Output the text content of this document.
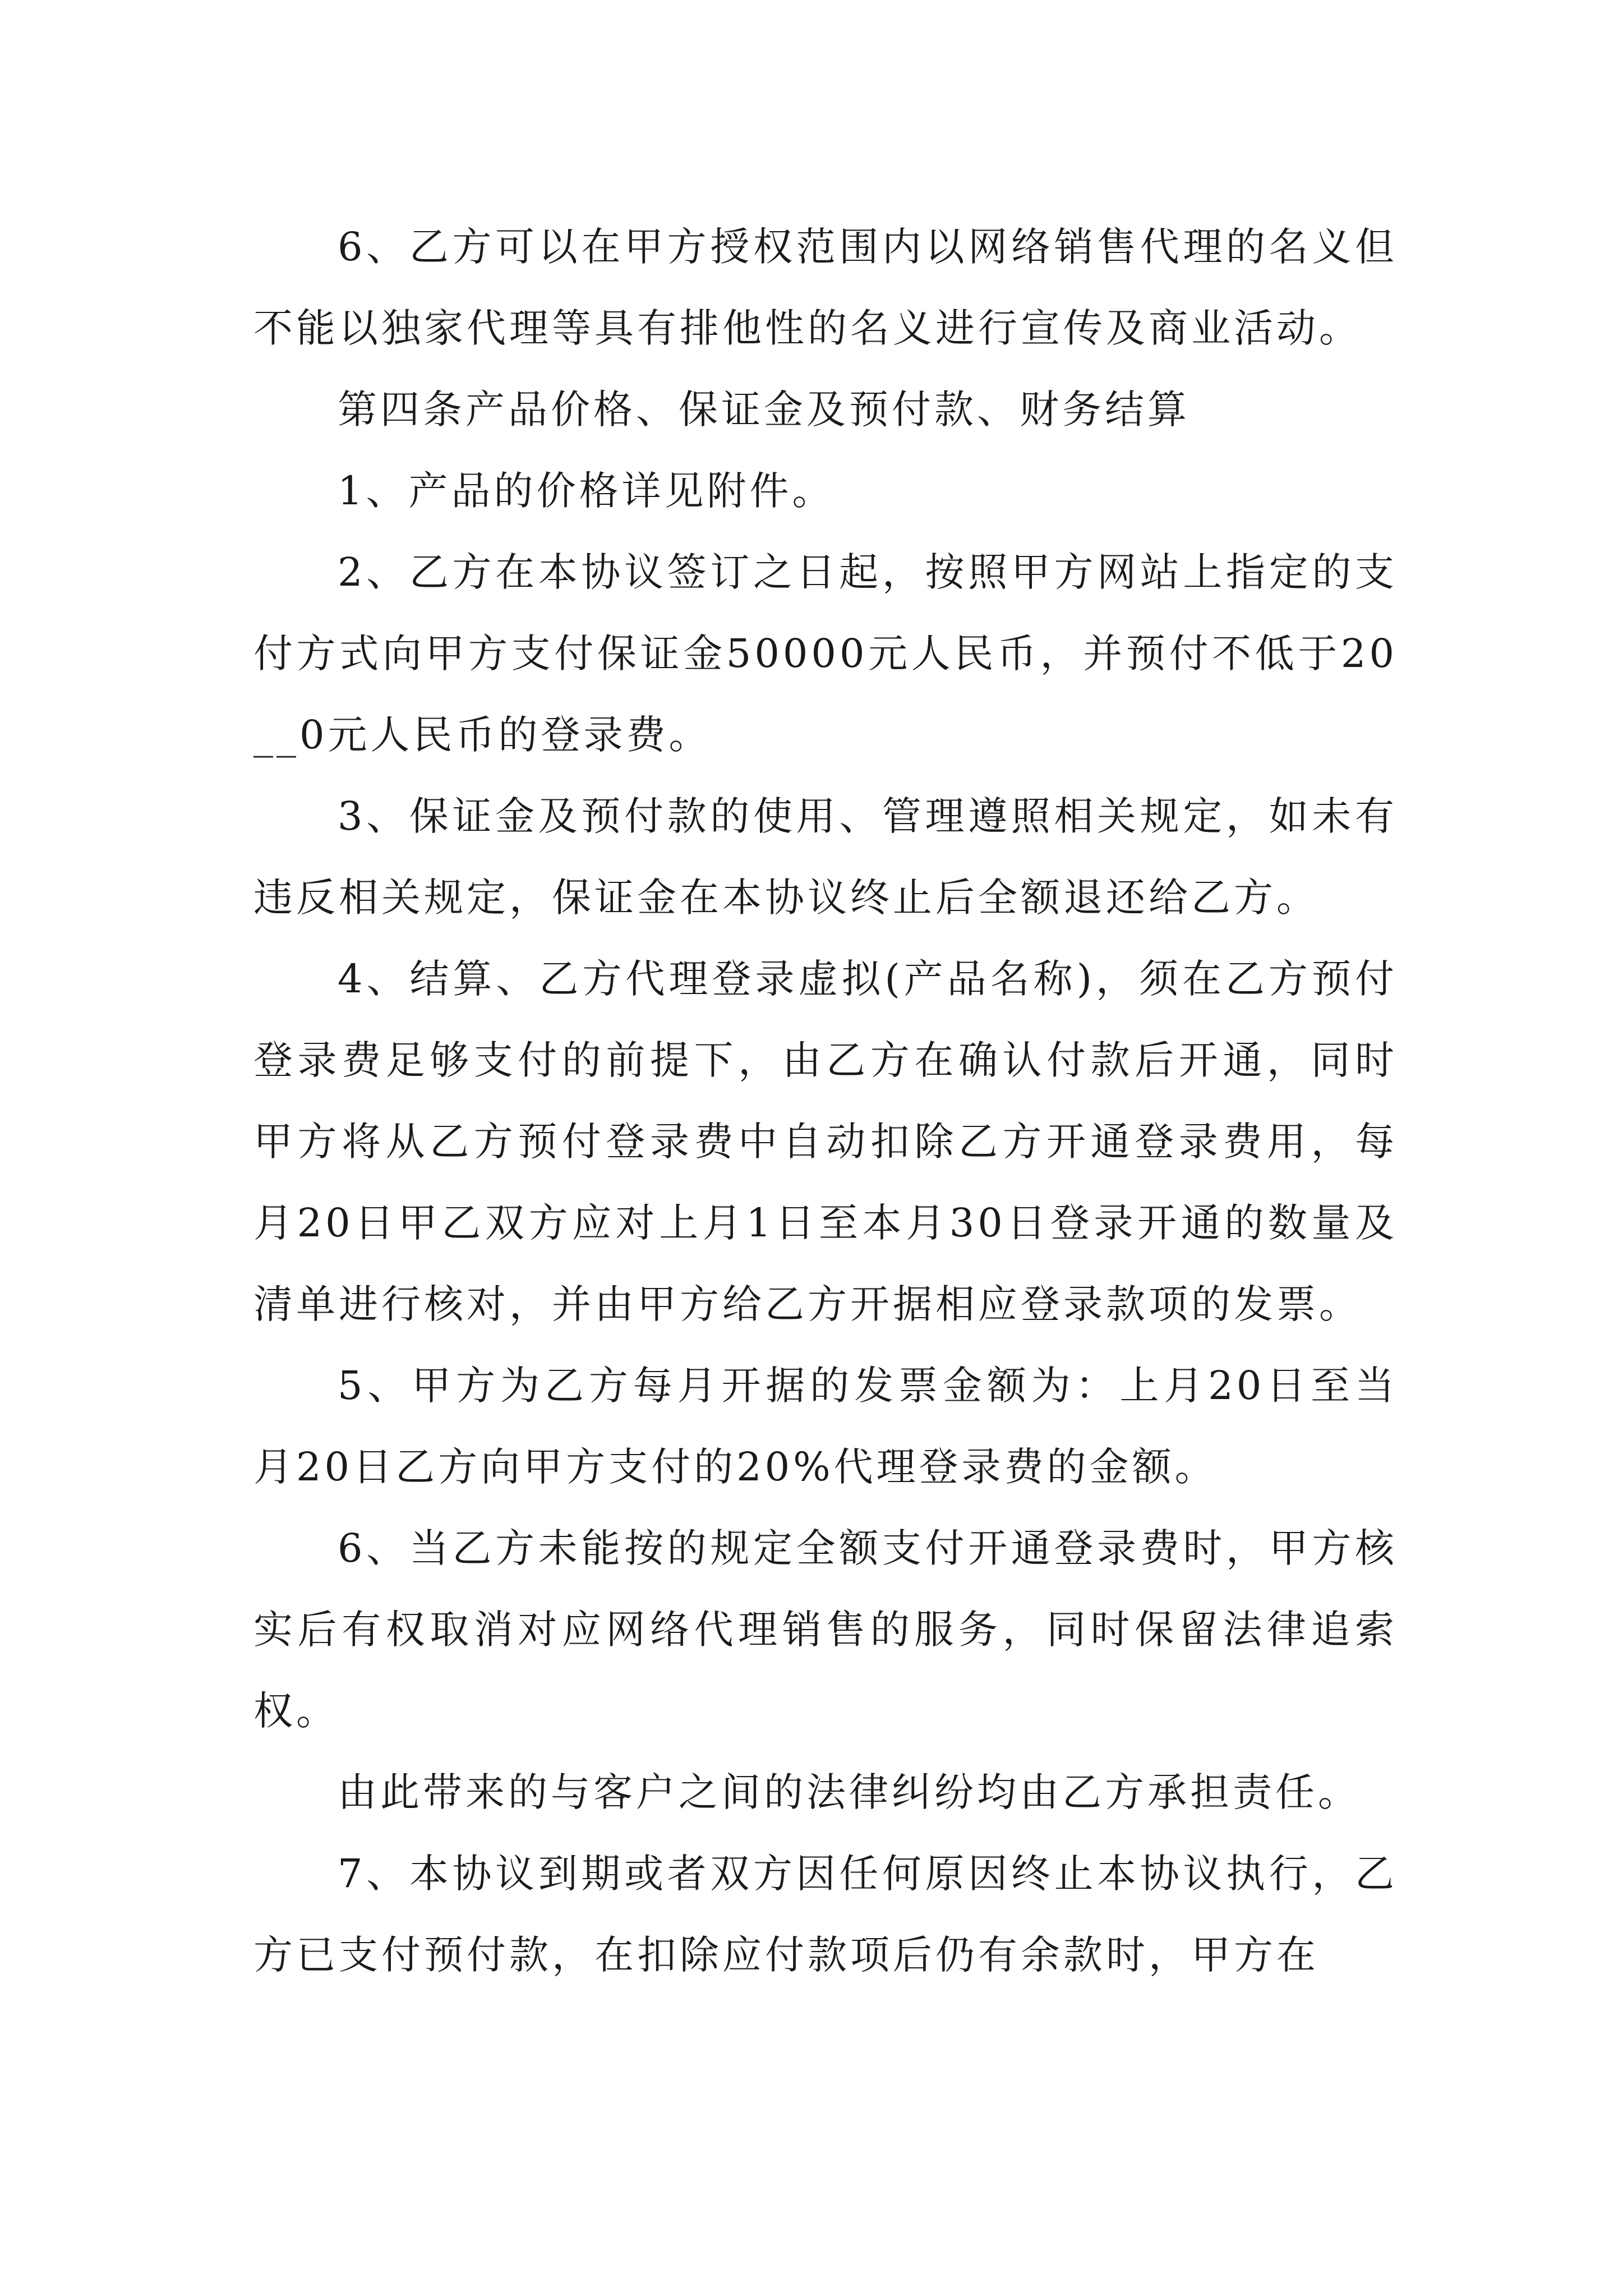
6、乙方可以在甲方授权范围内以网络销售代理的名义但不能以独家代理等具有排他性的名义进行宣传及商业活动。

第四条产品价格、保证金及预付款、财务结算

1、产品的价格详见附件。

2、乙方在本协议签订之日起，按照甲方网站上指定的支付方式向甲方支付保证金50000元人民币，并预付不低于20__0元人民币的登录费。

3、保证金及预付款的使用、管理遵照相关规定，如未有违反相关规定，保证金在本协议终止后全额退还给乙方。

4、结算、乙方代理登录虚拟(产品名称)，须在乙方预付登录费足够支付的前提下，由乙方在确认付款后开通，同时甲方将从乙方预付登录费中自动扣除乙方开通登录费用，每月20日甲乙双方应对上月1日至本月30日登录开通的数量及清单进行核对，并由甲方给乙方开据相应登录款项的发票。

5、甲方为乙方每月开据的发票金额为：上月20日至当月20日乙方向甲方支付的20%代理登录费的金额。

6、当乙方未能按的规定全额支付开通登录费时，甲方核实后有权取消对应网络代理销售的服务，同时保留法律追索权。

由此带来的与客户之间的法律纠纷均由乙方承担责任。

7、本协议到期或者双方因任何原因终止本协议执行，乙方已支付预付款，在扣除应付款项后仍有余款时，甲方在
